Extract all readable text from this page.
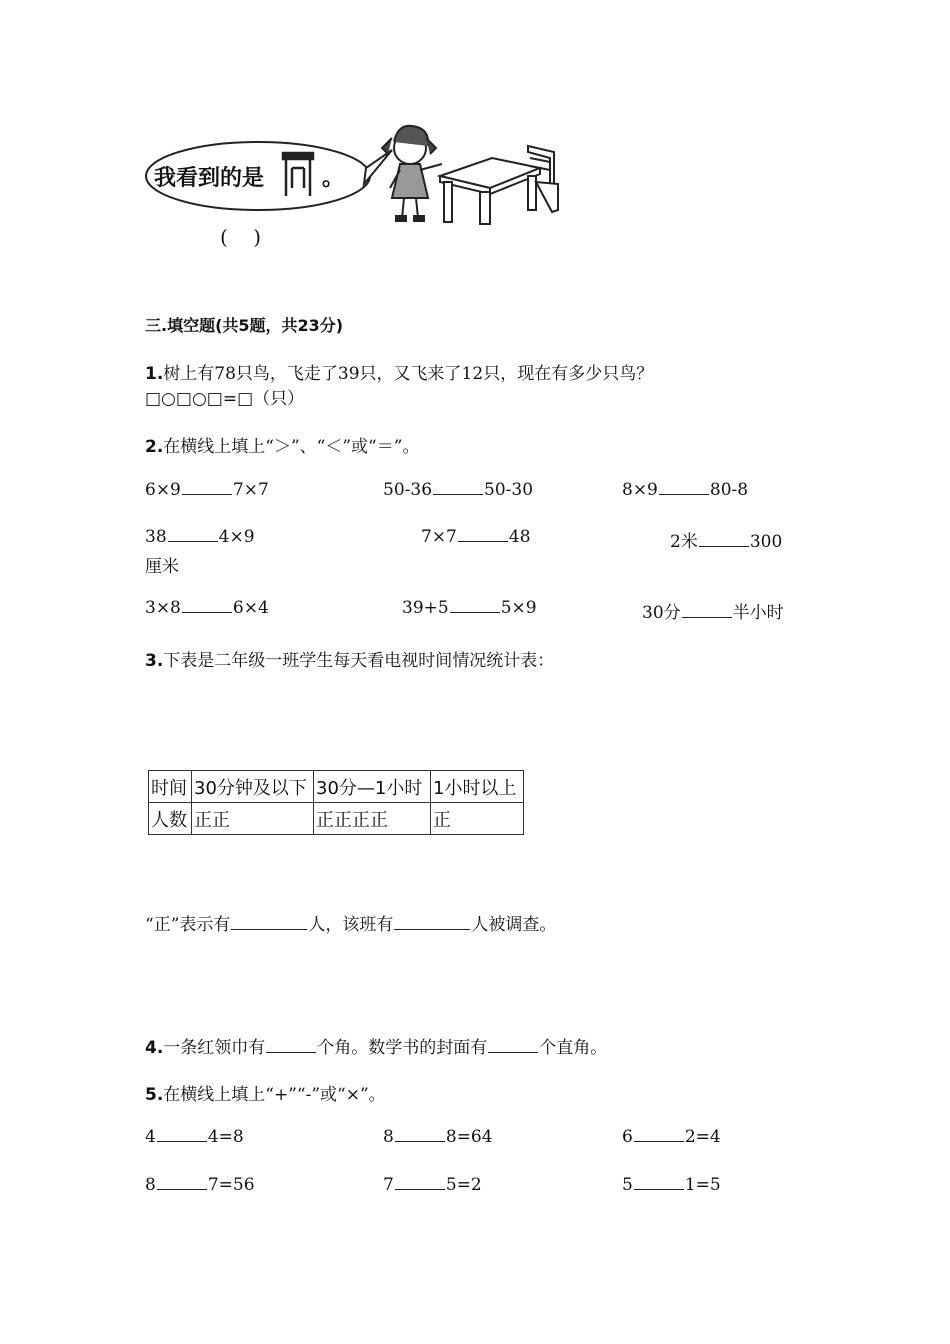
我看到的是	。
(    )
三.填空题(共5题，共23分)
1.树上有78只鸟，飞走了39只，又飞来了12只，现在有多少只鸟？
□○□○□=□（只）
2.在横线上填上“＞”、“＜”或“＝”。
6×9	7×7	50-36	50-30	8×9	80-8
38	4×9	7×7	48	2米	300
厘米
3×8	6×4	39+5	5×9	30分	半小时
3.下表是二年级一班学生每天看电视时间情况统计表：
时间	30分钟及以下	30分—1小时	1小时以上
人数	正正	正正正正	正
“正”表示有	人，该班有	人被调查。
4.一条红领巾有	个角。数学书的封面有	个直角。
5.在横线上填上“+”“-”或“×”。
4	4=8	8	8=64	6	2=4
8	7=56	7	5=2	5	1=5
